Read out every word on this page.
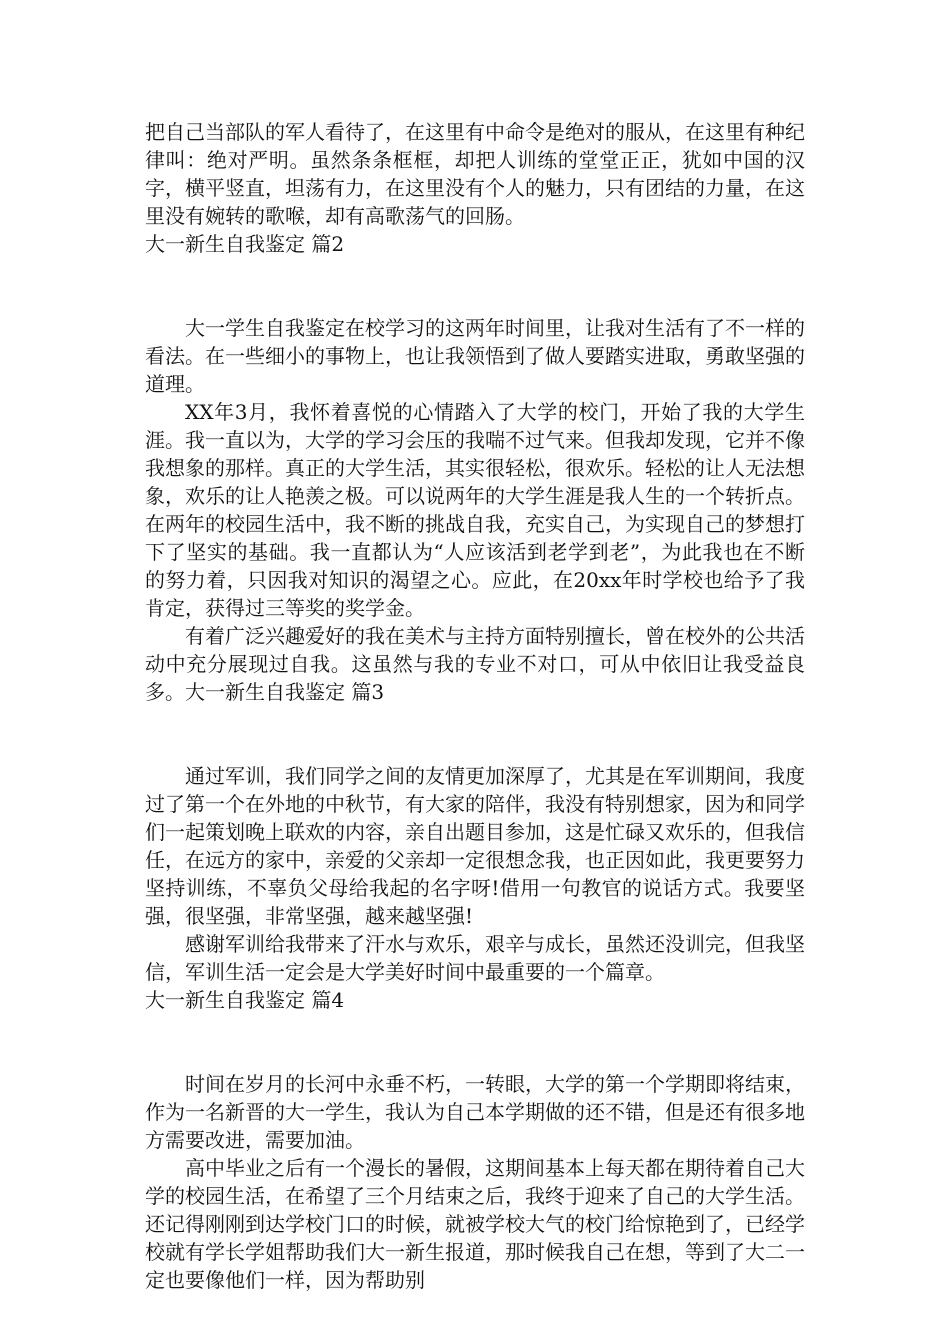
把自己当部队的军人看待了，在这里有中命令是绝对的服从，在这里有种纪律叫：绝对严明。虽然条条框框，却把人训练的堂堂正正，犹如中国的汉字，横平竖直，坦荡有力，在这里没有个人的魅力，只有团结的力量，在这里没有婉转的歌喉，却有高歌荡气的回肠。

大一新生自我鉴定 篇2

大一学生自我鉴定在校学习的这两年时间里，让我对生活有了不一样的看法。在一些细小的事物上，也让我领悟到了做人要踏实进取，勇敢坚强的道理。

XX年3月，我怀着喜悦的心情踏入了大学的校门，开始了我的大学生涯。我一直以为，大学的学习会压的我喘不过气来。但我却发现，它并不像我想象的那样。真正的大学生活，其实很轻松，很欢乐。轻松的让人无法想象，欢乐的让人艳羡之极。可以说两年的大学生涯是我人生的一个转折点。在两年的校园生活中，我不断的挑战自我，充实自己，为实现自己的梦想打下了坚实的基础。我一直都认为“人应该活到老学到老”，为此我也在不断的努力着，只因我对知识的渴望之心。应此，在20xx年时学校也给予了我肯定，获得过三等奖的奖学金。

有着广泛兴趣爱好的我在美术与主持方面特别擅长，曾在校外的公共活动中充分展现过自我。这虽然与我的专业不对口，可从中依旧让我受益良多。大一新生自我鉴定 篇3

通过军训，我们同学之间的友情更加深厚了，尤其是在军训期间，我度过了第一个在外地的中秋节，有大家的陪伴，我没有特别想家，因为和同学们一起策划晚上联欢的内容，亲自出题目参加，这是忙碌又欢乐的，但我信任，在远方的家中，亲爱的父亲却一定很想念我，也正因如此，我更要努力坚持训练，不辜负父母给我起的名字呀!借用一句教官的说话方式。我要坚强，很坚强，非常坚强，越来越坚强!

感谢军训给我带来了汗水与欢乐，艰辛与成长，虽然还没训完，但我坚信，军训生活一定会是大学美好时间中最重要的一个篇章。

大一新生自我鉴定 篇4

时间在岁月的长河中永垂不朽，一转眼，大学的第一个学期即将结束，作为一名新晋的大一学生，我认为自己本学期做的还不错，但是还有很多地方需要改进，需要加油。

高中毕业之后有一个漫长的暑假，这期间基本上每天都在期待着自己大学的校园生活，在希望了三个月结束之后，我终于迎来了自己的大学生活。还记得刚刚到达学校门口的时候，就被学校大气的校门给惊艳到了，已经学校就有学长学姐帮助我们大一新生报道，那时候我自己在想，等到了大二一定也要像他们一样，因为帮助别
